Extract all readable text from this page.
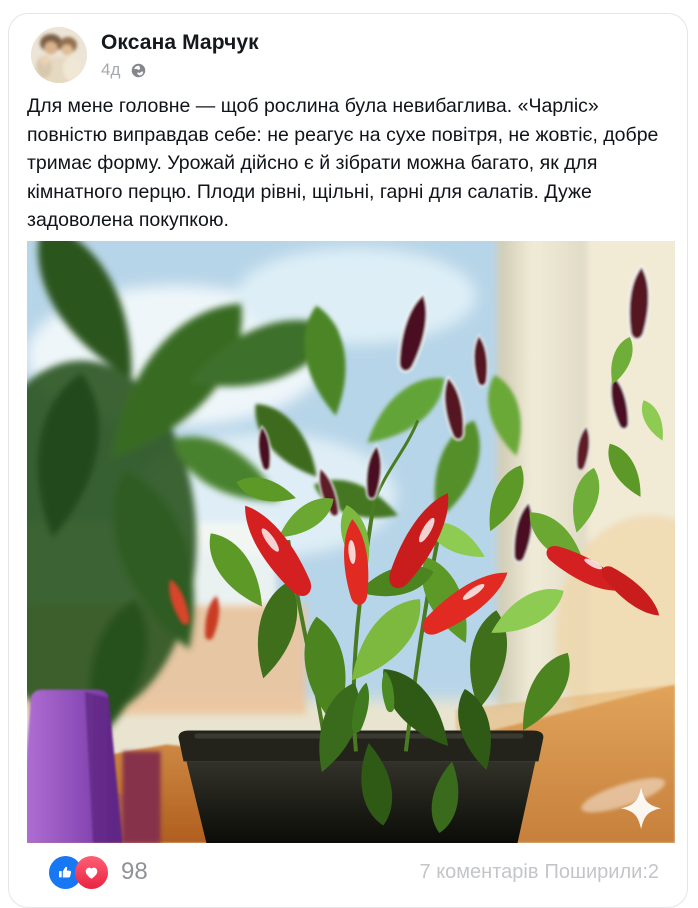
Оксана Марчук
4д

Для мене головне — щоб рослина була невибаглива. «Чарліс» повністю виправдав себе: не реагує на сухе повітря, не жовтіє, добре тримає форму. Урожай дійсно є й зібрати можна багато, як для кімнатного перцю. Плоди рівні, щільні, гарні для салатів. Дуже задоволена покупкою.

98	7 коментарів Поширили:2
